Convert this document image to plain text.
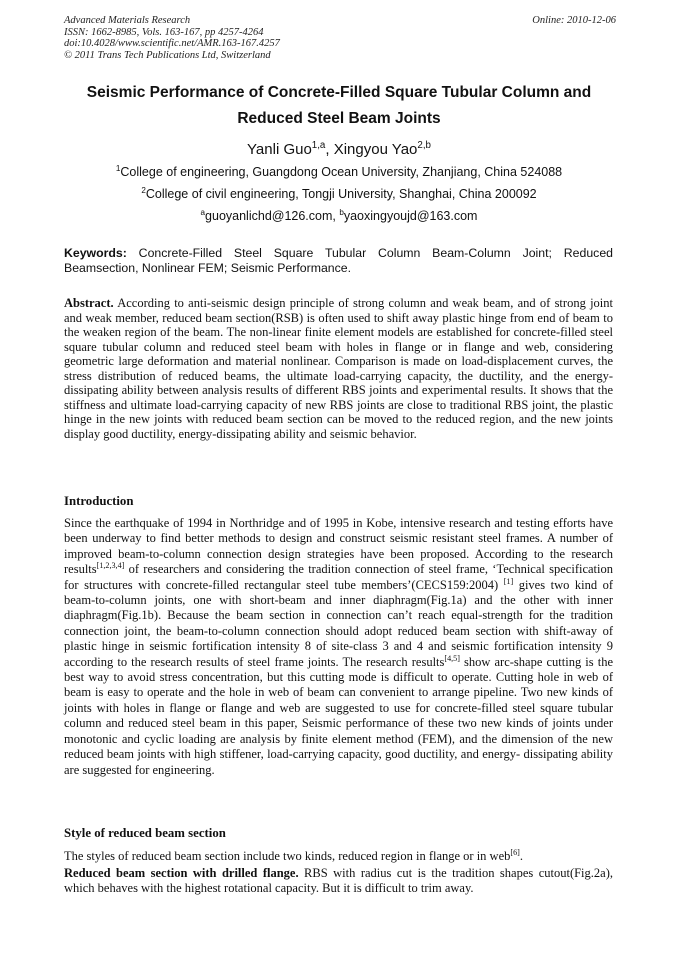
Advanced Materials Research
ISSN: 1662-8985, Vols. 163-167, pp 4257-4264
doi:10.4028/www.scientific.net/AMR.163-167.4257
© 2011 Trans Tech Publications Ltd, Switzerland
Online: 2010-12-06
Seismic Performance of Concrete-Filled Square Tubular Column and
Reduced Steel Beam Joints
Yanli Guo$^{1,a}$, Xingyou Yao$^{2,b}$
$^1$College of engineering, Guangdong Ocean University, Zhanjiang, China 524088
$^2$College of civil engineering, Tongji University, Shanghai, China 200092
$^a$guoyanlichd@126.com, $^b$yaoxingyoujd@163.com
Keywords: Concrete-Filled Steel Square Tubular Column Beam-Column Joint; Reduced Beamsection, Nonlinear FEM; Seismic Performance.
Abstract. According to anti-seismic design principle of strong column and weak beam, and of strong joint and weak member, reduced beam section(RSB) is often used to shift away plastic hinge from end of beam to the weaken region of the beam. The non-linear finite element models are established for concrete-filled steel square tubular column and reduced steel beam with holes in flange or in flange and web, considering geometric large deformation and material nonlinear. Comparison is made on load-displacement curves, the stress distribution of reduced beams, the ultimate load-carrying capacity, the ductility, and the energy-dissipating ability between analysis results of different RBS joints and experimental results. It shows that the stiffness and ultimate load-carrying capacity of new RBS joints are close to traditional RBS joint, the plastic hinge in the new joints with reduced beam section can be moved to the reduced region, and the new joints display good ductility, energy-dissipating ability and seismic behavior.
Introduction
Since the earthquake of 1994 in Northridge and of 1995 in Kobe, intensive research and testing efforts have been underway to find better methods to design and construct seismic resistant steel frames. A number of improved beam-to-column connection design strategies have been proposed. According to the research results[1,2,3,4] of researchers and considering the tradition connection of steel frame, ‘Technical specification for structures with concrete-filled rectangular steel tube members’(CECS159:2004) [1] gives two kind of beam-to-column joints, one with short-beam and inner diaphragm(Fig.1a) and the other with inner diaphragm(Fig.1b). Because the beam section in connection can’t reach equal-strength for the tradition connection joint, the beam-to-column connection should adopt reduced beam section with shift-away of plastic hinge in seismic fortification intensity 8 of site-class 3 and 4 and seismic fortification intensity 9 according to the research results of steel frame joints. The research results[4,5] show arc-shape cutting is the best way to avoid stress concentration, but this cutting mode is difficult to operate. Cutting hole in web of beam is easy to operate and the hole in web of beam can convenient to arrange pipeline. Two new kinds of joints with holes in flange or flange and web are suggested to use for concrete-filled steel square tubular column and reduced steel beam in this paper, Seismic performance of these two new kinds of joints under monotonic and cyclic loading are analysis by finite element method (FEM), and the dimension of the new reduced beam joints with high stiffener, load-carrying capacity, good ductility, and energy- dissipating ability are suggested for engineering.
Style of reduced beam section
The styles of reduced beam section include two kinds, reduced region in flange or in web[6].
Reduced beam section with drilled flange. RBS with radius cut is the tradition shapes cutout(Fig.2a), which behaves with the highest rotational capacity. But it is difficult to trim away.
